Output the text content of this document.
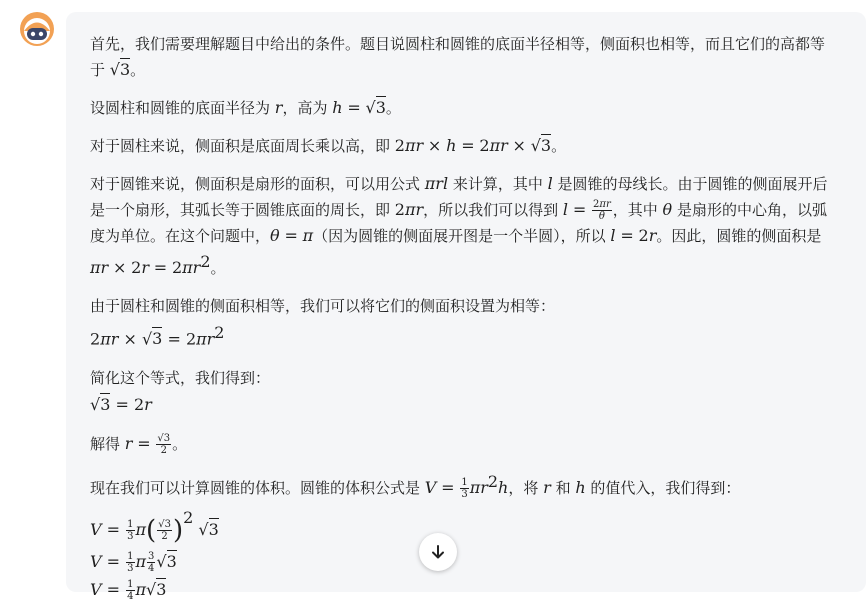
首先，我们需要理解题目中给出的条件。题目说圆柱和圆锥的底面半径相等，侧面积也相等，而且它们的高都等于 √3。

设圆柱和圆锥的底面半径为 r，高为 h = √3。

对于圆柱来说，侧面积是底面周长乘以高，即 2πr × h = 2πr × √3。

对于圆锥来说，侧面积是扇形的面积，可以用公式 πrl 来计算，其中 l 是圆锥的母线长。由于圆锥的侧面展开后是一个扇形，其弧长等于圆锥底面的周长，即 2πr，所以我们可以得到 $l = \frac{2\pi r}{\theta}$ ，其中 θ 是扇形的中心角，以弧度为单位。在这个问题中，θ = π（因为圆锥的侧面展开图是一个半圆），所以 l = 2r。因此，圆锥的侧面积是 $\pi r \times 2r = 2\pi r^2$。

由于圆柱和圆锥的侧面积相等，我们可以将它们的侧面积设置为相等：
$2\pi r \times √3 = 2\pi r^2$

简化这个等式，我们得到：
√3 = 2r

解得 $r = \frac{√3}{2}$ 。

现在我们可以计算圆锥的体积。圆锥的体积公式是 $V = \frac{1}{3} \pi r^2h$，将 r 和 h 的值代入，我们得到：
$V = \frac{1}{3} \pi( \frac{√3}{2} )^2$ √3
$V = \frac{1}{3}$ π $\frac{3}{4} √3$
$V = \frac{1}{4} \pi√3$
